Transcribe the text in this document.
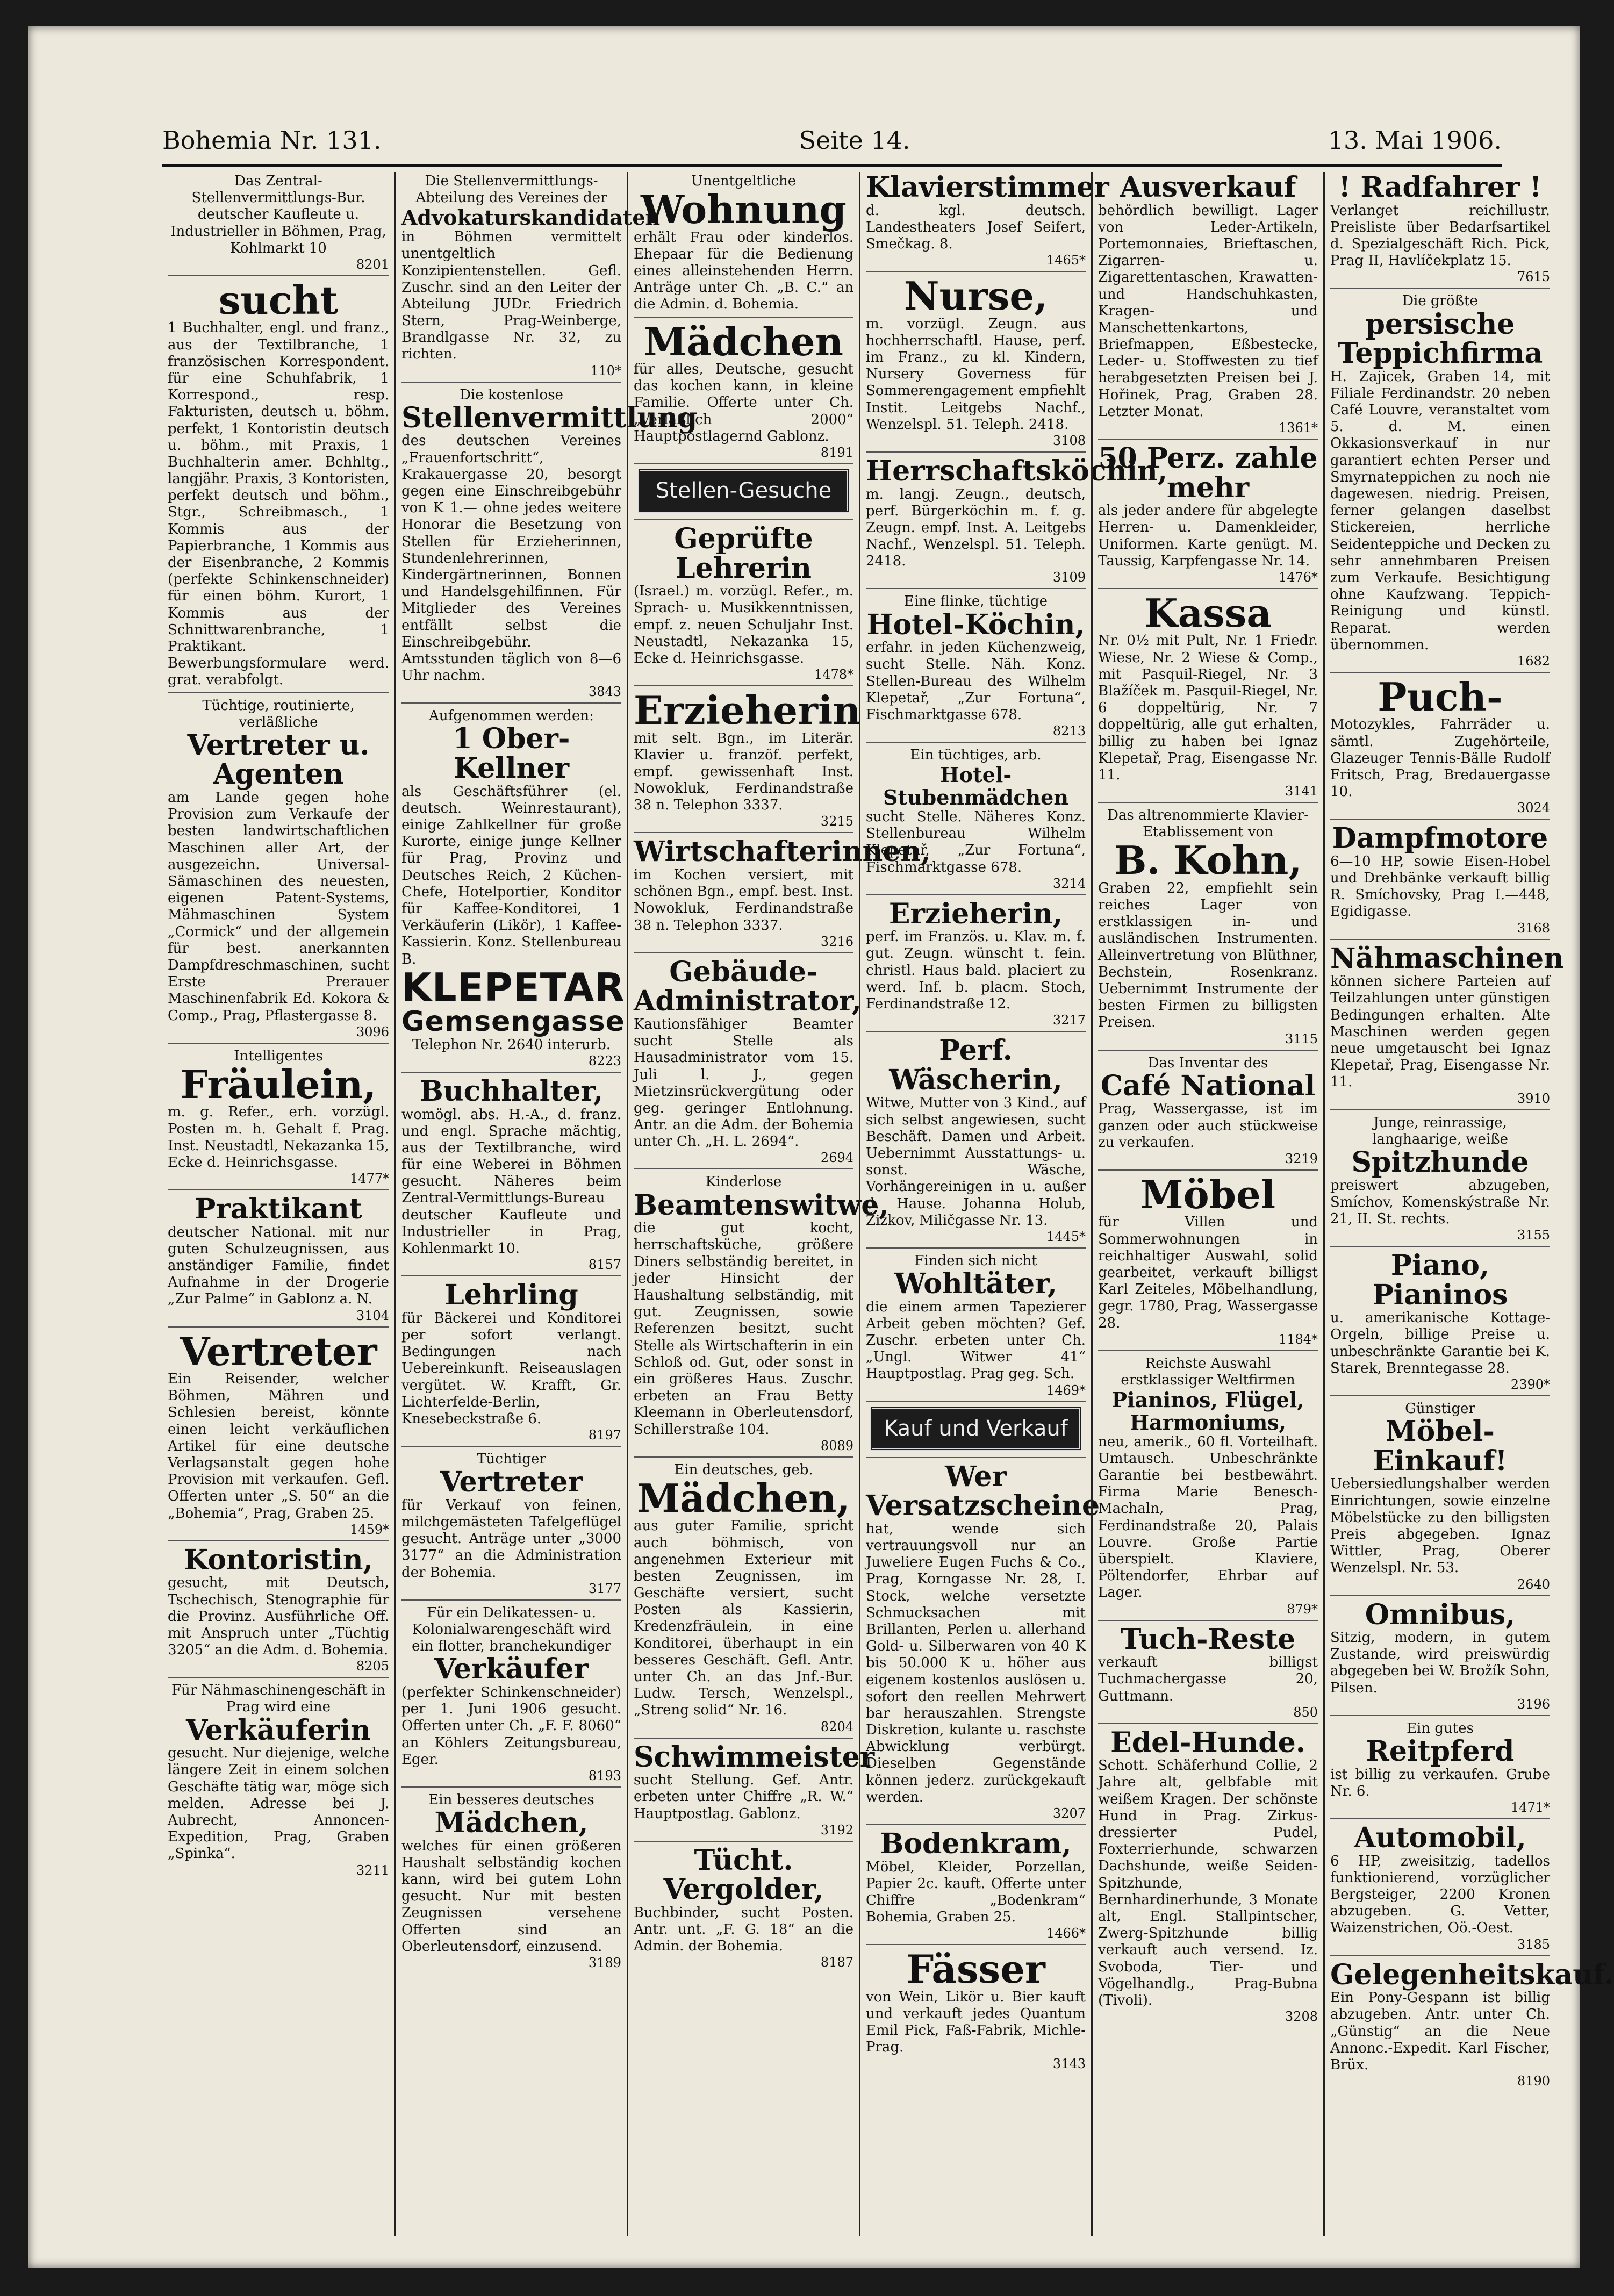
Bohemia Nr. 131.	Seite 14.	13. Mai 1906.
Das Zentral-Stellenvermittlungs-Bur. deutscher Kaufleute u. Industrieller in Böhmen, Prag, Kohlmarkt 10
8201
sucht
1 Buchhalter, engl. und franz., aus der Textilbranche, 1 französischen Korrespondent. für eine Schuhfabrik, 1 Korrespond., resp. Fakturisten, deutsch u. böhm. perfekt, 1 Kontoristin deutsch u. böhm., mit Praxis, 1 Buchhalterin amer. Bchhltg., langjähr. Praxis, 3 Kontoristen, perfekt deutsch und böhm., Stgr., Schreibmasch., 1 Kommis aus der Papierbranche, 1 Kommis aus der Eisenbranche, 2 Kommis (perfekte Schinkenschneider) für einen böhm. Kurort, 1 Kommis aus der Schnittwarenbranche, 1 Praktikant. Bewerbungsformulare werd. grat. verabfolgt.
Tüchtige, routinierte, verläßliche
Vertreter u. Agenten
am Lande gegen hohe Provision zum Verkaufe der besten landwirtschaftlichen Maschinen aller Art, der ausgezeichn. Universal-Sämaschinen des neuesten, eigenen Patent-Systems, Mähmaschinen System „Cormick“ und der allgemein für best. anerkannten Dampfdreschmaschinen, sucht Erste Prerauer Maschinenfabrik Ed. Kokora & Comp., Prag, Pflastergasse 8.
3096
Intelligentes
Fräulein,
m. g. Refer., erh. vorzügl. Posten m. h. Gehalt f. Prag. Inst. Neustadtl, Nekazanka 15, Ecke d. Heinrichsgasse.
1477*
Praktikant
deutscher National. mit nur guten Schulzeugnissen, aus anständiger Familie, findet Aufnahme in der Drogerie „Zur Palme“ in Gablonz a. N.
3104
Vertreter
Ein Reisender, welcher Böhmen, Mähren und Schlesien bereist, könnte einen leicht verkäuflichen Artikel für eine deutsche Verlagsanstalt gegen hohe Provision mit verkaufen. Gefl. Offerten unter „S. 50“ an die „Bohemia“, Prag, Graben 25.
1459*
Kontoristin,
gesucht, mit Deutsch, Tschechisch, Stenographie für die Provinz. Ausführliche Off. mit Anspruch unter „Tüchtig 3205“ an die Adm. d. Bohemia.
8205
Für Nähmaschinengeschäft in Prag wird eine
Verkäuferin
gesucht. Nur diejenige, welche längere Zeit in einem solchen Geschäfte tätig war, möge sich melden. Adresse bei J. Aubrecht, Annoncen-Expedition, Prag, Graben „Spinka“.
3211
Die Stellenvermittlungs-Abteilung des Vereines der
Advokaturskandidaten
in Böhmen vermittelt unentgeltlich Konzipientenstellen. Gefl. Zuschr. sind an den Leiter der Abteilung JUDr. Friedrich Stern, Prag-Weinberge, Brandlgasse Nr. 32, zu richten.
110*
Die kostenlose
Stellenvermittlung
des deutschen Vereines „Frauenfortschritt“, Krakauergasse 20, besorgt gegen eine Einschreibgebühr von K 1.— ohne jedes weitere Honorar die Besetzung von Stellen für Erzieherinnen, Stundenlehrerinnen, Kindergärtnerinnen, Bonnen und Handelsgehilfinnen. Für Mitglieder des Vereines entfällt selbst die Einschreibgebühr. Amtsstunden täglich von 8—6 Uhr nachm.
3843
Aufgenommen werden:
1 Ober-Kellner
als Geschäftsführer (el. deutsch. Weinrestaurant), einige Zahlkellner für große Kurorte, einige junge Kellner für Prag, Provinz und Deutsches Reich, 2 Küchen-Chefe, Hotelportier, Konditor für Kaffee-Konditorei, 1 Verkäuferin (Likör), 1 Kaffee-Kassierin. Konz. Stellenbureau B.
KLEPETAR
Gemsengasse
Telephon Nr. 2640 interurb.
8223
Buchhalter,
womögl. abs. H.-A., d. franz. und engl. Sprache mächtig, aus der Textilbranche, wird für eine Weberei in Böhmen gesucht. Näheres beim Zentral-Vermittlungs-Bureau deutscher Kaufleute und Industrieller in Prag, Kohlenmarkt 10.
8157
Lehrling
für Bäckerei und Konditorei per sofort verlangt. Bedingungen nach Uebereinkunft. Reiseauslagen vergütet. W. Krafft, Gr. Lichterfelde-Berlin, Knesebeckstraße 6.
8197
Tüchtiger
Vertreter
für Verkauf von feinen, milchgemästeten Tafelgeflügel gesucht. Anträge unter „3000 3177“ an die Administration der Bohemia.
3177
Für ein Delikatessen- u. Kolonialwarengeschäft wird ein flotter, branchekundiger
Verkäufer
(perfekter Schinkenschneider) per 1. Juni 1906 gesucht. Offerten unter Ch. „F. F. 8060“ an Köhlers Zeitungsbureau, Eger.
8193
Ein besseres deutsches
Mädchen,
welches für einen größeren Haushalt selbständig kochen kann, wird bei gutem Lohn gesucht. Nur mit besten Zeugnissen versehene Offerten sind an Oberleutensdorf, einzusend.
3189
Unentgeltliche
Wohnung
erhält Frau oder kinderlos. Ehepaar für die Bedienung eines alleinstehenden Herrn. Anträge unter Ch. „B. C.“ an die Admin. d. Bohemia.
Mädchen
für alles, Deutsche, gesucht das kochen kann, in kleine Familie. Offerte unter Ch. „Verläßlich 2000“ Hauptpostlagernd Gablonz.
8191
Stellen-Gesuche
Geprüfte Lehrerin
(Israel.) m. vorzügl. Refer., m. Sprach- u. Musikkenntnissen, empf. z. neuen Schuljahr Inst. Neustadtl, Nekazanka 15, Ecke d. Heinrichsgasse.
1478*
Erzieherin
mit selt. Bgn., im Literär. Klavier u. franzöf. perfekt, empf. gewissenhaft Inst. Nowokluk, Ferdinandstraße 38 n. Telephon 3337.
3215
Wirtschafterinnen,
im Kochen versiert, mit schönen Bgn., empf. best. Inst. Nowokluk, Ferdinandstraße 38 n. Telephon 3337.
3216
Gebäude-Administrator,
Kautionsfähiger Beamter sucht Stelle als Hausadministrator vom 15. Juli l. J., gegen Mietzinsrückvergütung oder geg. geringer Entlohnung. Antr. an die Adm. der Bohemia unter Ch. „H. L. 2694“.
2694
Kinderlose
Beamtenswitwe,
die gut kocht, herrschaftsküche, größere Diners selbständig bereitet, in jeder Hinsicht der Haushaltung selbständig, mit gut. Zeugnissen, sowie Referenzen besitzt, sucht Stelle als Wirtschafterin in ein Schloß od. Gut, oder sonst in ein größeres Haus. Zuschr. erbeten an Frau Betty Kleemann in Oberleutensdorf, Schillerstraße 104.
8089
Ein deutsches, geb.
Mädchen,
aus guter Familie, spricht auch böhmisch, von angenehmen Exterieur mit besten Zeugnissen, im Geschäfte versiert, sucht Posten als Kassierin, Kredenzfräulein, in eine Konditorei, überhaupt in ein besseres Geschäft. Gefl. Antr. unter Ch. an das Jnf.-Bur. Ludw. Tersch, Wenzelspl., „Streng solid“ Nr. 16.
8204
Schwimmeister
sucht Stellung. Gef. Antr. erbeten unter Chiffre „R. W.“ Hauptpostlag. Gablonz.
3192
Tücht. Vergolder,
Buchbinder, sucht Posten. Antr. unt. „F. G. 18“ an die Admin. der Bohemia.
8187
Klavierstimmer
d. kgl. deutsch. Landestheaters Josef Seifert, Smečkag. 8.
1465*
Nurse,
m. vorzügl. Zeugn. aus hochherrschaftl. Hause, perf. im Franz., zu kl. Kindern, Nursery Governess für Sommerengagement empfiehlt Instit. Leitgebs Nachf., Wenzelspl. 51. Teleph. 2418.
3108
Herrschaftsköchin,
m. langj. Zeugn., deutsch, perf. Bürgerköchin m. f. g. Zeugn. empf. Inst. A. Leitgebs Nachf., Wenzelspl. 51. Teleph. 2418.
3109
Eine flinke, tüchtige
Hotel-Köchin,
erfahr. in jeden Küchenzweig, sucht Stelle. Näh. Konz. Stellen-Bureau des Wilhelm Klepetař, „Zur Fortuna“, Fischmarktgasse 678.
8213
Ein tüchtiges, arb.
Hotel-Stubenmädchen
sucht Stelle. Näheres Konz. Stellenbureau Wilhelm Klepetař, „Zur Fortuna“, Fischmarktgasse 678.
3214
Erzieherin,
perf. im Französ. u. Klav. m. f. gut. Zeugn. wünscht t. fein. christl. Haus bald. placiert zu werd. Inf. b. placm. Stoch, Ferdinandstraße 12.
3217
Perf. Wäscherin,
Witwe, Mutter von 3 Kind., auf sich selbst angewiesen, sucht Beschäft. Damen und Arbeit. Uebernimmt Ausstattungs- u. sonst. Wäsche, Vorhängereinigen in u. außer d. Hause. Johanna Holub, Žižkov, Miličgasse Nr. 13.
1445*
Finden sich nicht
Wohltäter,
die einem armen Tapezierer Arbeit geben möchten? Gef. Zuschr. erbeten unter Ch. „Ungl. Witwer 41“ Hauptpostlag. Prag geg. Sch.
1469*
Kauf und Verkauf
Wer Versatzscheine
hat, wende sich vertrauungsvoll nur an Juweliere Eugen Fuchs & Co., Prag, Korngasse Nr. 28, I. Stock, welche versetzte Schmucksachen mit Brillanten, Perlen u. allerhand Gold- u. Silberwaren von 40 K bis 50.000 K u. höher aus eigenem kostenlos auslösen u. sofort den reellen Mehrwert bar herauszahlen. Strengste Diskretion, kulante u. raschste Abwicklung verbürgt. Dieselben Gegenstände können jederz. zurückgekauft werden.
3207
Bodenkram,
Möbel, Kleider, Porzellan, Papier 2c. kauft. Offerte unter Chiffre „Bodenkram“ Bohemia, Graben 25.
1466*
Fässer
von Wein, Likör u. Bier kauft und verkauft jedes Quantum Emil Pick, Faß-Fabrik, Michle-Prag.
3143
Ausverkauf
behördlich bewilligt. Lager von Leder-Artikeln, Portemonnaies, Brieftaschen, Zigarren- u. Zigarettentaschen, Krawatten- und Handschuhkasten, Kragen- und Manschettenkartons, Briefmappen, Eßbestecke, Leder- u. Stoffwesten zu tief herabgesetzten Preisen bei J. Hořinek, Prag, Graben 28. Letzter Monat.
1361*
50 Perz. zahle mehr
als jeder andere für abgelegte Herren- u. Damenkleider, Uniformen. Karte genügt. M. Taussig, Karpfengasse Nr. 14.
1476*
Kassa
Nr. 0½ mit Pult, Nr. 1 Friedr. Wiese, Nr. 2 Wiese & Comp., mit Pasquil-Riegel, Nr. 3 Blažíček m. Pasquil-Riegel, Nr. 6 doppeltürig, Nr. 7 doppeltürig, alle gut erhalten, billig zu haben bei Ignaz Klepetař, Prag, Eisengasse Nr. 11.
3141
Das altrenommierte Klavier-Etablissement von
B. Kohn,
Graben 22, empfiehlt sein reiches Lager von erstklassigen in- und ausländischen Instrumenten. Alleinvertretung von Blüthner, Bechstein, Rosenkranz. Uebernimmt Instrumente der besten Firmen zu billigsten Preisen.
3115
Das Inventar des
Café National
Prag, Wassergasse, ist im ganzen oder auch stückweise zu verkaufen.
3219
Möbel
für Villen und Sommerwohnungen in reichhaltiger Auswahl, solid gearbeitet, verkauft billigst Karl Zeiteles, Möbelhandlung, gegr. 1780, Prag, Wassergasse 28.
1184*
Reichste Auswahl erstklassiger Weltfirmen
Pianinos, Flügel, Harmoniums,
neu, amerik., 60 fl. Vorteilhaft. Umtausch. Unbeschränkte Garantie bei bestbewährt. Firma Marie Benesch-Machaln, Prag, Ferdinandstraße 20, Palais Louvre. Große Partie überspielt. Klaviere, Pöltendorfer, Ehrbar auf Lager.
879*
Tuch-Reste
verkauft billigst Tuchmachergasse 20, Guttmann.
850
Edel-Hunde.
Schott. Schäferhund Collie, 2 Jahre alt, gelbfable mit weißem Kragen. Der schönste Hund in Prag. Zirkus-dressierter Pudel, Foxterrierhunde, schwarzen Dachshunde, weiße Seiden-Spitzhunde, Bernhardinerhunde, 3 Monate alt, Engl. Stallpintscher, Zwerg-Spitzhunde billig verkauft auch versend. Iz. Svoboda, Tier- und Vögelhandlg., Prag-Bubna (Tivoli).
3208
! Radfahrer !
Verlanget reichillustr. Preisliste über Bedarfsartikel d. Spezialgeschäft Rich. Pick, Prag II, Havlíčekplatz 15.
7615
Die größte
persische Teppichfirma
H. Zajicek, Graben 14, mit Filiale Ferdinandstr. 20 neben Café Louvre, veranstaltet vom 5. d. M. einen Okkasionsverkauf in nur garantiert echten Perser und Smyrnateppichen zu noch nie dagewesen. niedrig. Preisen, ferner gelangen daselbst Stickereien, herrliche Seidenteppiche und Decken zu sehr annehmbaren Preisen zum Verkaufe. Besichtigung ohne Kaufzwang. Teppich-Reinigung und künstl. Reparat. werden übernommen.
1682
Puch-
Motozykles, Fahrräder u. sämtl. Zugehörteile, Glazeuger Tennis-Bälle Rudolf Fritsch, Prag, Bredauergasse 10.
3024
Dampfmotore
6—10 HP, sowie Eisen-Hobel und Drehbänke verkauft billig R. Smíchovsky, Prag I.—448, Egidigasse.
3168
Nähmaschinen
können sichere Parteien auf Teilzahlungen unter günstigen Bedingungen erhalten. Alte Maschinen werden gegen neue umgetauscht bei Ignaz Klepetař, Prag, Eisengasse Nr. 11.
3910
Junge, reinrassige, langhaarige, weiße
Spitzhunde
preiswert abzugeben, Smíchov, Komenskýstraße Nr. 21, II. St. rechts.
3155
Piano, Pianinos
u. amerikanische Kottage-Orgeln, billige Preise u. unbeschränkte Garantie bei K. Starek, Brenntegasse 28.
2390*
Günstiger
Möbel-Einkauf!
Uebersiedlungshalber werden Einrichtungen, sowie einzelne Möbelstücke zu den billigsten Preis abgegeben. Ignaz Wittler, Prag, Oberer Wenzelspl. Nr. 53.
2640
Omnibus,
Sitzig, modern, in gutem Zustande, wird preiswürdig abgegeben bei W. Brožík Sohn, Pilsen.
3196
Ein gutes
Reitpferd
ist billig zu verkaufen. Grube Nr. 6.
1471*
Automobil,
6 HP, zweisitzig, tadellos funktionierend, vorzüglicher Bergsteiger, 2200 Kronen abzugeben. G. Vetter, Waizenstrichen, Oö.-Oest.
3185
Gelegenheitskauf.
Ein Pony-Gespann ist billig abzugeben. Antr. unter Ch. „Günstig“ an die Neue Annonc.-Expedit. Karl Fischer, Brüx.
8190
